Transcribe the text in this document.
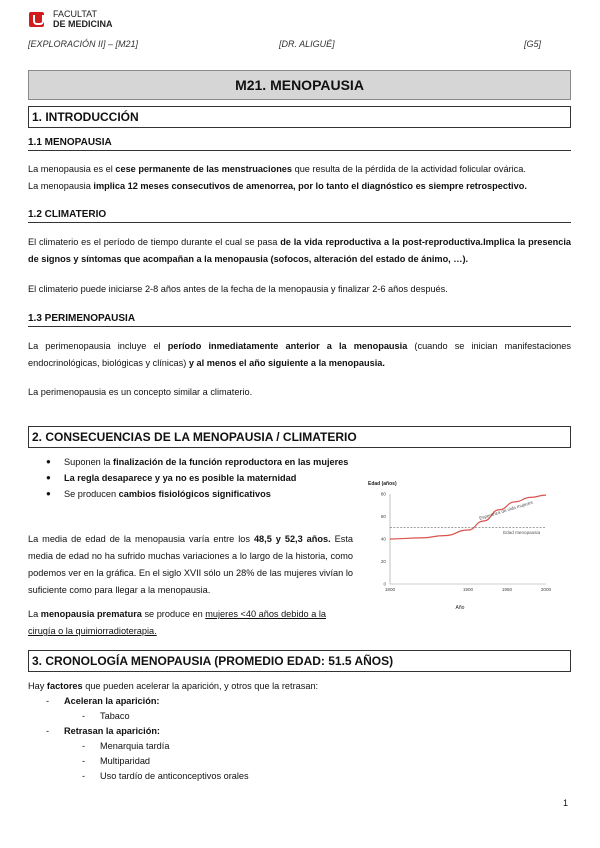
FACULTAT
DE MEDICINA
[EXPLORACIÓN II] – [M21]	[DR. ALIGUÉ]	[G5]
M21. MENOPAUSIA
1. INTRODUCCIÓN
1.1 MENOPAUSIA
La menopausia es el cese permanente de las menstruaciones que resulta de la pérdida de la actividad folicular ovárica.
La menopausia implica 12 meses consecutivos de amenorrea, por lo tanto el diagnóstico es siempre retrospectivo.
1.2 CLIMATERIO
El climaterio es el período de tiempo durante el cual se pasa de la vida reproductiva a la post-reproductiva.Implica la presencia de signos y síntomas que acompañan a la menopausia (sofocos, alteración del estado de ánimo, …).
El climaterio puede iniciarse 2-8 años antes de la fecha de la menopausia y finalizar 2-6 años después.
1.3 PERIMENOPAUSIA
La perimenopausia incluye el período inmediatamente anterior a la menopausia (cuando se inician manifestaciones endocrinológicas, biológicas y clínicas) y al menos el año siguiente a la menopausia.
La perimenopausia es un concepto similar a climaterio.
2. CONSECUENCIAS DE LA MENOPAUSIA / CLIMATERIO
●	Suponen la finalización de la función reproductora en las mujeres
●	La regla desaparece y ya no es posible la maternidad
●	Se producen cambios fisiológicos significativos
La media de edad de la menopausia varía entre los 48,5 y 52,3 años. Esta media de edad no ha sufrido muchas variaciones a lo largo de la historia, como podemos ver en la gráfica. En el siglo XVII sólo un 28% de las mujeres vivían lo suficiente como para llegar a la menopausia.
La menopausia prematura se produce en mujeres <40 años debido a la cirugía o la quimiorradioterapia.
Edad (años)
Año
0
20
40
60
80
1800	1900	1950	2000
Esperanza de vida mujeres
Edad menopausia
3. CRONOLOGÍA MENOPAUSIA (PROMEDIO EDAD: 51.5 AÑOS)
Hay factores que pueden acelerar la aparición, y otros que la retrasan:
-	Aceleran la aparición:
-	Tabaco
-	Retrasan la aparición:
-	Menarquia tardía
-	Multiparidad
-	Uso tardío de anticonceptivos orales
1
